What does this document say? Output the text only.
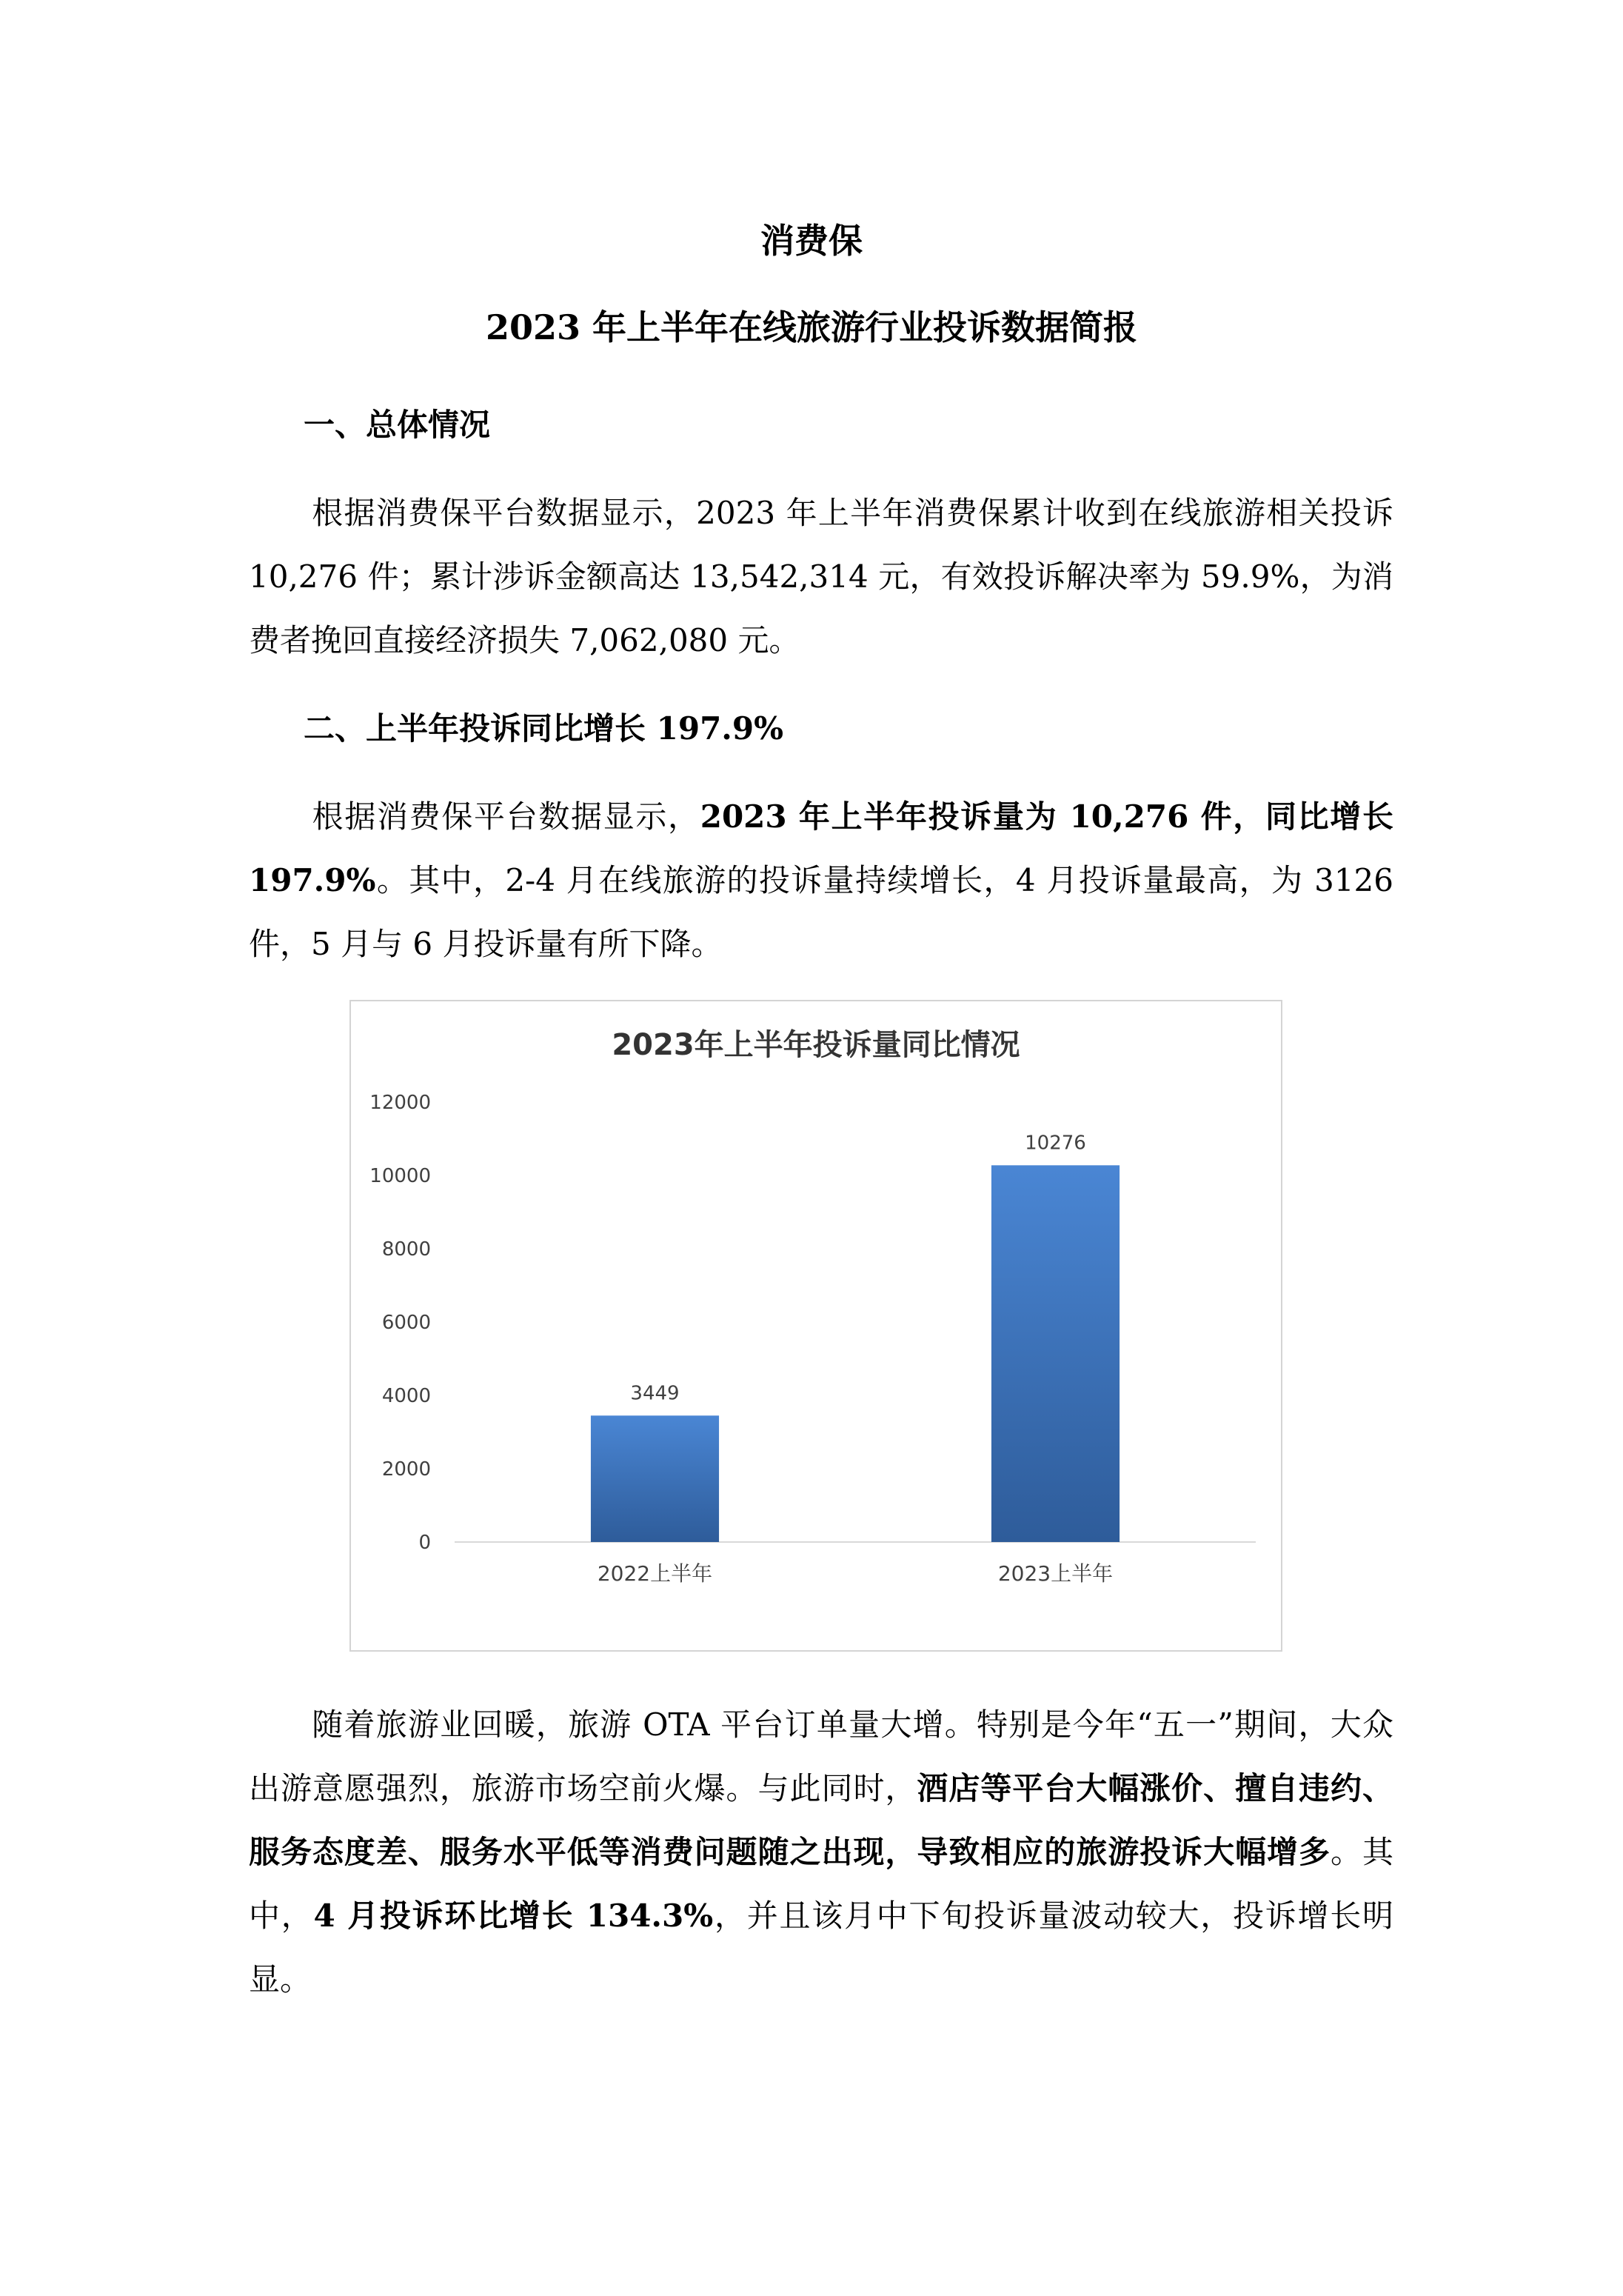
消费保
2023 年上半年在线旅游行业投诉数据简报
一、总体情况
根据消费保平台数据显示，2023 年上半年消费保累计收到在线旅游相关投诉 10,276 件；累计涉诉金额高达 13,542,314 元，有效投诉解决率为 59.9%，为消费者挽回直接经济损失 7,062,080 元。
二、上半年投诉同比增长 197.9%
根据消费保平台数据显示，2023 年上半年投诉量为 10,276 件，同比增长 197.9%。其中，2-4 月在线旅游的投诉量持续增长，4 月投诉量最高，为 3126 件，5 月与 6 月投诉量有所下降。
2023年上半年投诉量同比情况
0
2000
4000
6000
8000
10000
12000
3449
10276
2022上半年	2023上半年
随着旅游业回暖，旅游 OTA 平台订单量大增。特别是今年“五一”期间，大众出游意愿强烈，旅游市场空前火爆。与此同时，酒店等平台大幅涨价、擅自违约、服务态度差、服务水平低等消费问题随之出现，导致相应的旅游投诉大幅增多。其中，4 月投诉环比增长 134.3%，并且该月中下旬投诉量波动较大，投诉增长明显。
